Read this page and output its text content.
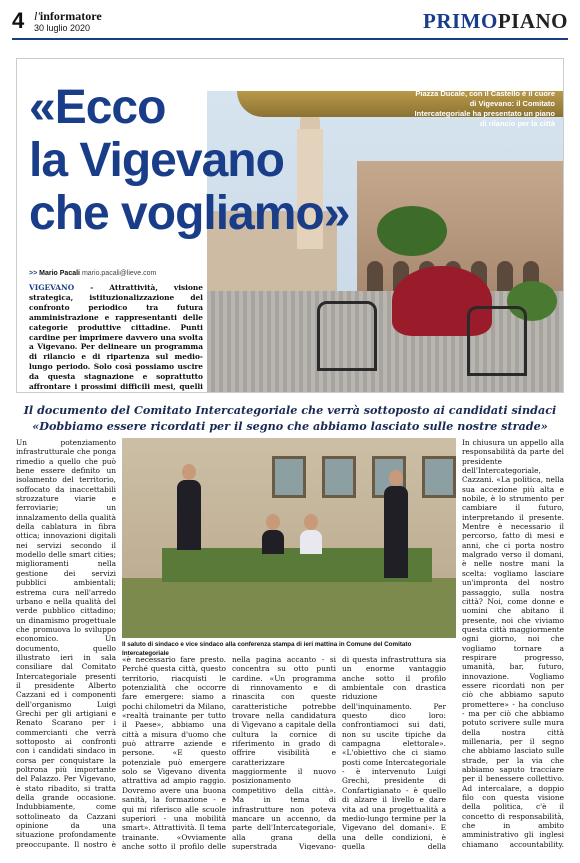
4 l'informatore
30 luglio 2020	PRIMOPIANO
«Ecco
la Vigevano
che vogliamo»
Piazza Ducale, con il Castello è il cuore di Vigevano: il Comitato Intercategoriale ha presentato un piano di rilancio per la città
>> Mario Pacali mario.pacali@lieve.com
VIGEVANO - Attrattività, visione strategica, istituzionalizzazione del confronto periodico tra futura amministrazione e rappresentanti delle categorie produttive cittadine. Punti cardine per imprimere davvero una svolta a Vigevano. Per delineare un programma di rilancio e di ripartenza sul medio-lungo periodo. Solo così possiamo uscire da questa stagnazione e soprattutto affrontare i prossimi difficili mesi, quelli
Il documento del Comitato Intercategoriale che verrà sottoposto ai candidati sindaci
«Dobbiamo essere ricordati per il segno che abbiamo lasciato sulle nostre strade»
Un potenziamento infrastrutturale che ponga rimedio a quello che può bene essere definito un isolamento del territorio, soffocato da inaccettabili strozzature viarie e ferroviarie; un innalzamento della qualità della cablatura in fibra ottica; innovazioni digitali nei servizi secondo il modello delle smart cities; miglioramenti nella gestione dei servizi pubblici ambientali; estrema cura nell'arredo urbano e nella qualità del verde pubblico cittadino; un dinamismo progettuale che promuova lo sviluppo economico. Un documento, quello illustrato ieri in sala consiliare dal Comitato Intercategoriale presenti il presidente Alberto Cazzani ed i componenti dell'organismo Luigi Grechi per gli artigiani e Renato Scarano per i commercianti che verrà sottoposto ai confronti con i candidati sindaco in corsa per conquistare la poltrona più importante del Palazzo. Per Vigevano, è stato ribadito, si tratta della grande occasione. Indubbiamente, come sottolineato da Cazzani opinione da una situazione profondamente preoccupante. Il nostro è
Il saluto di sindaco e vice sindaco alla conferenza stampa di ieri mattina in Comune del Comitato Intercategoriale
«è necessario fare presto. Perché questa città, questo territorio, riacquisti le potenzialità che occorre fare emergere: siamo a pochi chilometri da Milano, «realtà trainante per tutto il Paese», abbiamo una città a misura d'uomo che può attrarre aziende e persone. «E questo potenziale può emergere solo se Vigevano diventa attrattiva ad ampio raggio. Dovremo avere una buona sanità, la formazione - e qui mi riferisco alle scuole superiori - una mobilità smart». Attrattività. Il tema trainante. «Ovviamente anche sotto il profilo delle
nella pagina accanto - si concentra su otto punti cardine. «Un programma di rinnovamento e di rinascita con queste caratteristiche potrebbe trovare nella candidatura di Vigevano a capitale della cultura la cornice di riferimento in grado di offrire visibilità e caratterizzare maggiormente il nuovo posizionamento competitivo della città». Ma in tema di infrastrutture non poteva mancare un accenno, da parte dell'Intercategoriale, alla grana della superstrada Vigevano-
di questa infrastruttura sia un enorme vantaggio anche sotto il profilo ambientale con drastica riduzione dell'inquinamento. Per questo dico loro: confrontiamoci sui dati, non su uscite tipiche da campagna elettorale». «L'obiettivo che ci siamo posti come Intercategoriale - è intervenuto Luigi Grechi, presidente di Confartigianato - è quello di alzare il livello e dare vita ad una progettualità a medio-lungo termine per la Vigevano del domani». E una delle condizioni, è quella della
In chiusura un appello alla responsabilità da parte del presidente dell'Intercategoriale, Cazzani. «La politica, nella sua accezione più alta e nobile, è lo strumento per cambiare il futuro, interpretando il presente. Mentre è necessario il percorso, fatto di mesi e anni, che ci porta nostro malgrado verso il domani, è nelle nostre mani la scelta: vogliamo lasciare un'impronta del nostro passaggio, sulla nostra città? Noi, come donne e uomini che abitano il presente, noi che viviamo questa città maggiormente ogni giorno, noi che vogliamo tornare a respirare progresso, umanità, bar, futuro, innovazione. Vogliamo essere ricordati non per ciò che abbiamo saputo promettere» - ha concluso - ma per ciò che abbiamo potuto scrivere sulle mura della nostra città millenaria, per il segno che abbiamo lasciato sulle strade, per la via che abbiamo saputo tracciare per il benessere collettivo. Ad intercalare, a doppio filo con questa visione della politica, c'è il concetto di responsabilità, che in ambito amministrativo gli inglesi chiamano accountability.
